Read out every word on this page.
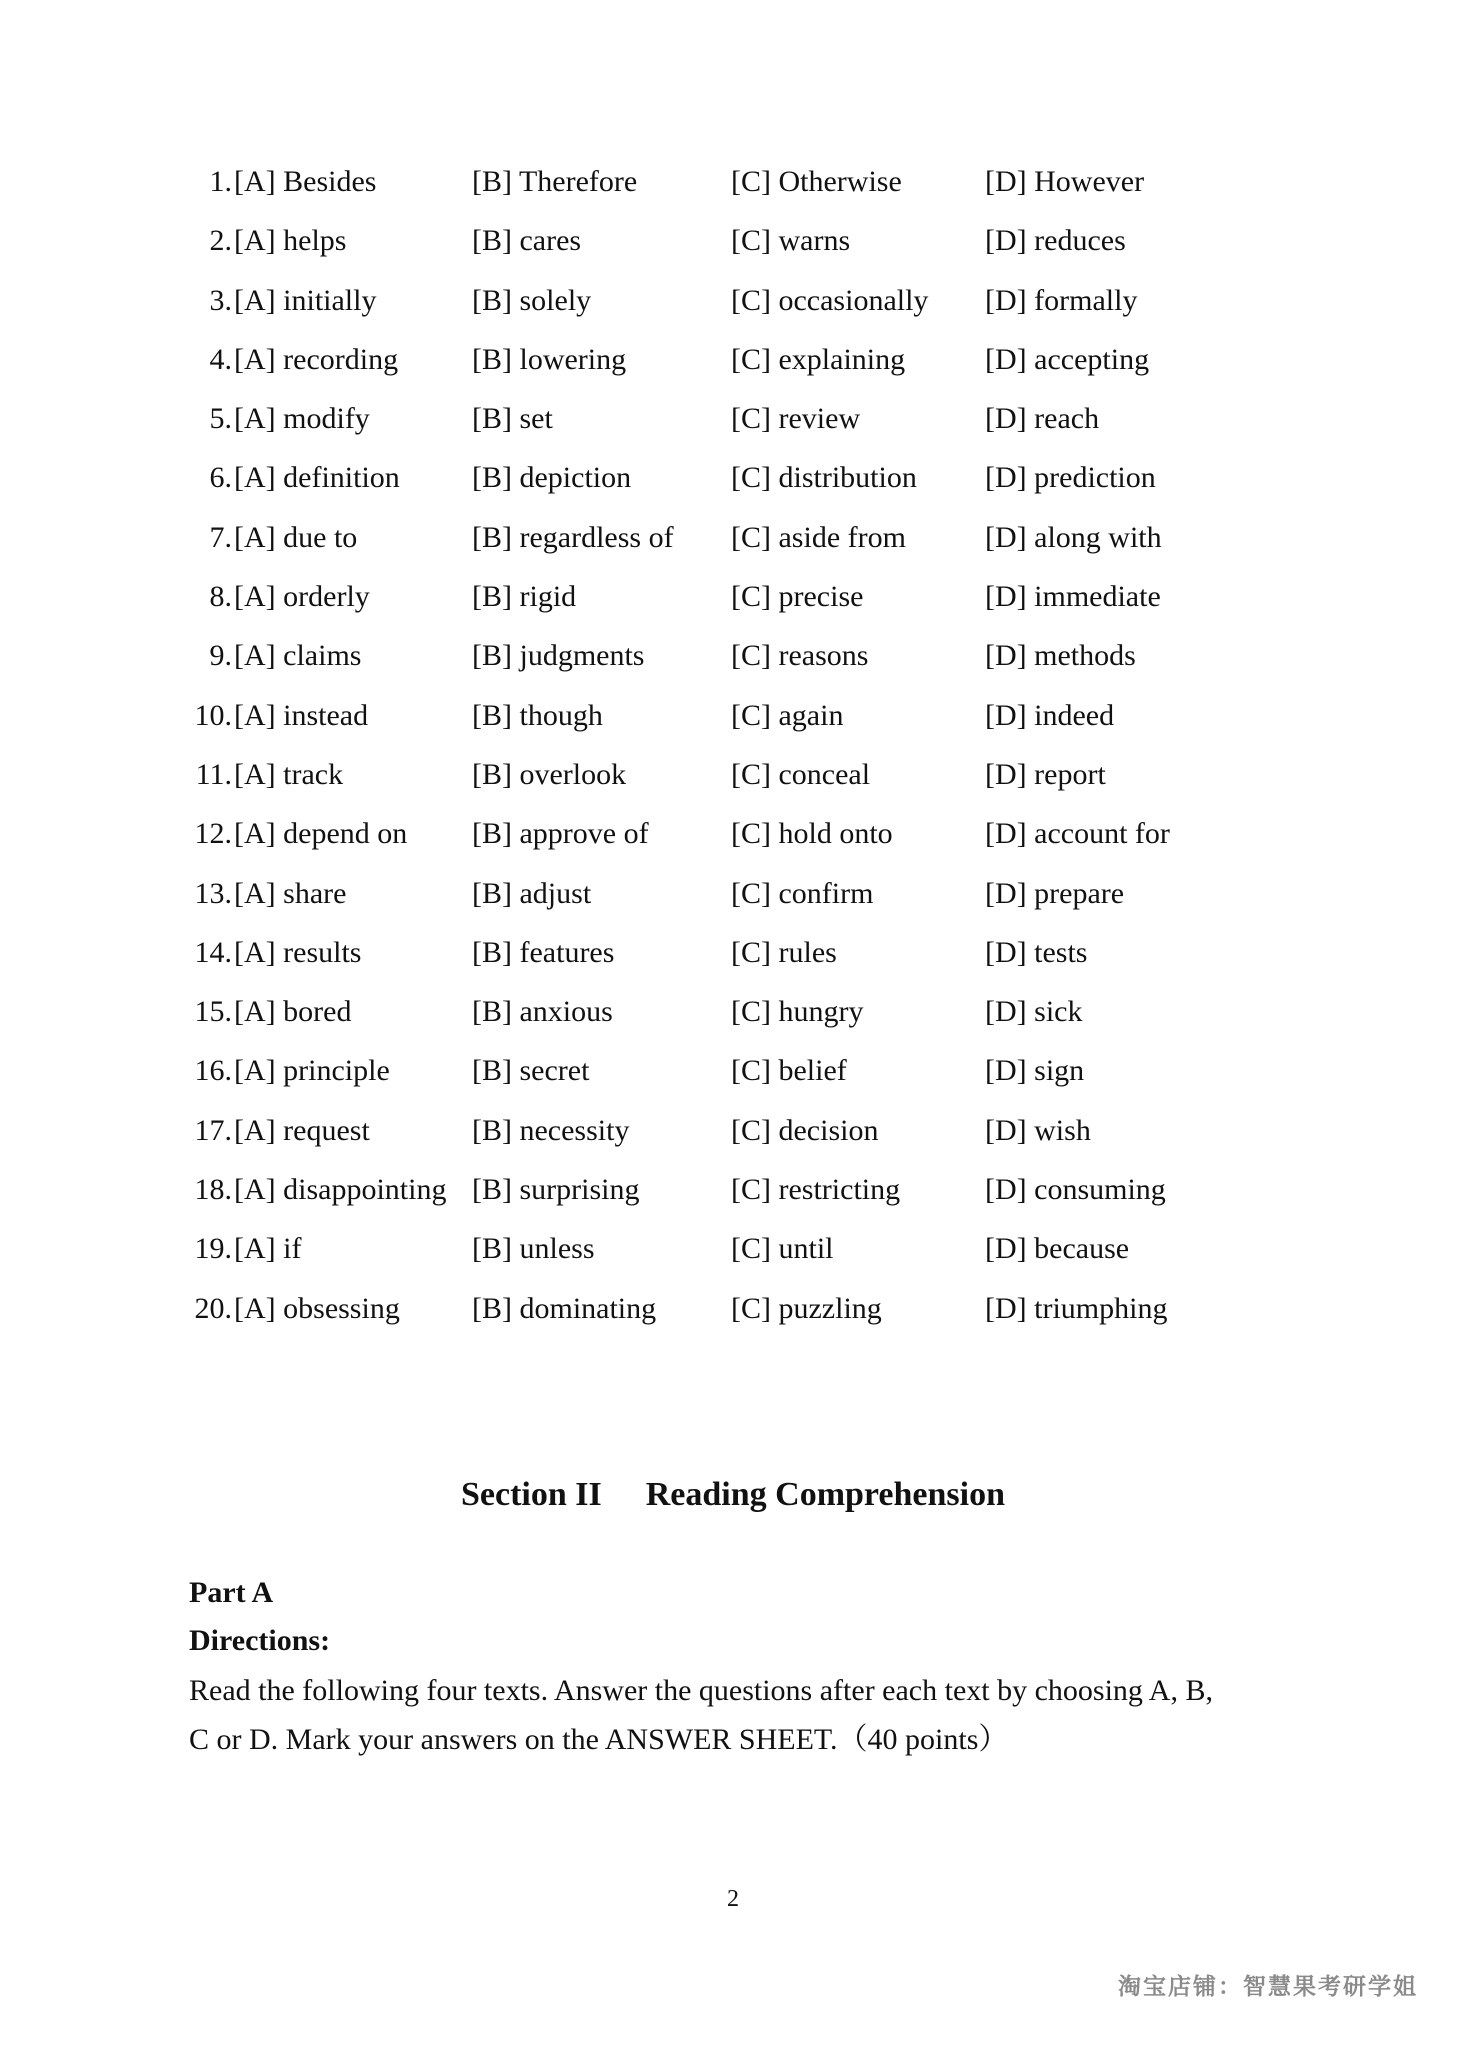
1. [A] Besides	[B] Therefore	[C] Otherwise	[D] However
2. [A] helps	[B] cares	[C] warns	[D] reduces
3. [A] initially	[B] solely	[C] occasionally [D] formally
4. [A] recording [B] lowering	[C] explaining	[D] accepting
5. [A] modify	[B] set	[C] review	[D] reach
6. [A] definition [B] depiction	[C] distribution [D] prediction
7. [A] due to	[B] regardless of [C] aside from	[D] along with
8. [A] orderly	[B] rigid	[C] precise	[D] immediate
9. [A] claims	[B] judgments	[C] reasons	[D] methods
10. [A] instead	[B] though	[C] again	[D] indeed
11. [A] track	[B] overlook	[C] conceal	[D] report
12. [A] depend on [B] approve of	[C] hold onto	[D] account for
13. [A] share	[B] adjust	[C] confirm	[D] prepare
14. [A] results	[B] features	[C] rules	[D] tests
15. [A] bored	[B] anxious	[C] hungry	[D] sick
16. [A] principle	[B] secret	[C] belief	[D] sign
17. [A] request	[B] necessity	[C] decision	[D] wish
18. [A] disappointing [B] surprising	[C] restricting	[D] consuming
19. [A] if	[B] unless	[C] until	[D] because
20. [A] obsessing [B] dominating [C] puzzling	[D] triumphing
Section II Reading Comprehension
Part A
Directions:
Read the following four texts. Answer the questions after each text by choosing A, B,
C or D. Mark your answers on the ANSWER SHEET.（40 points）
2
淘宝店铺：智慧果考研学姐
